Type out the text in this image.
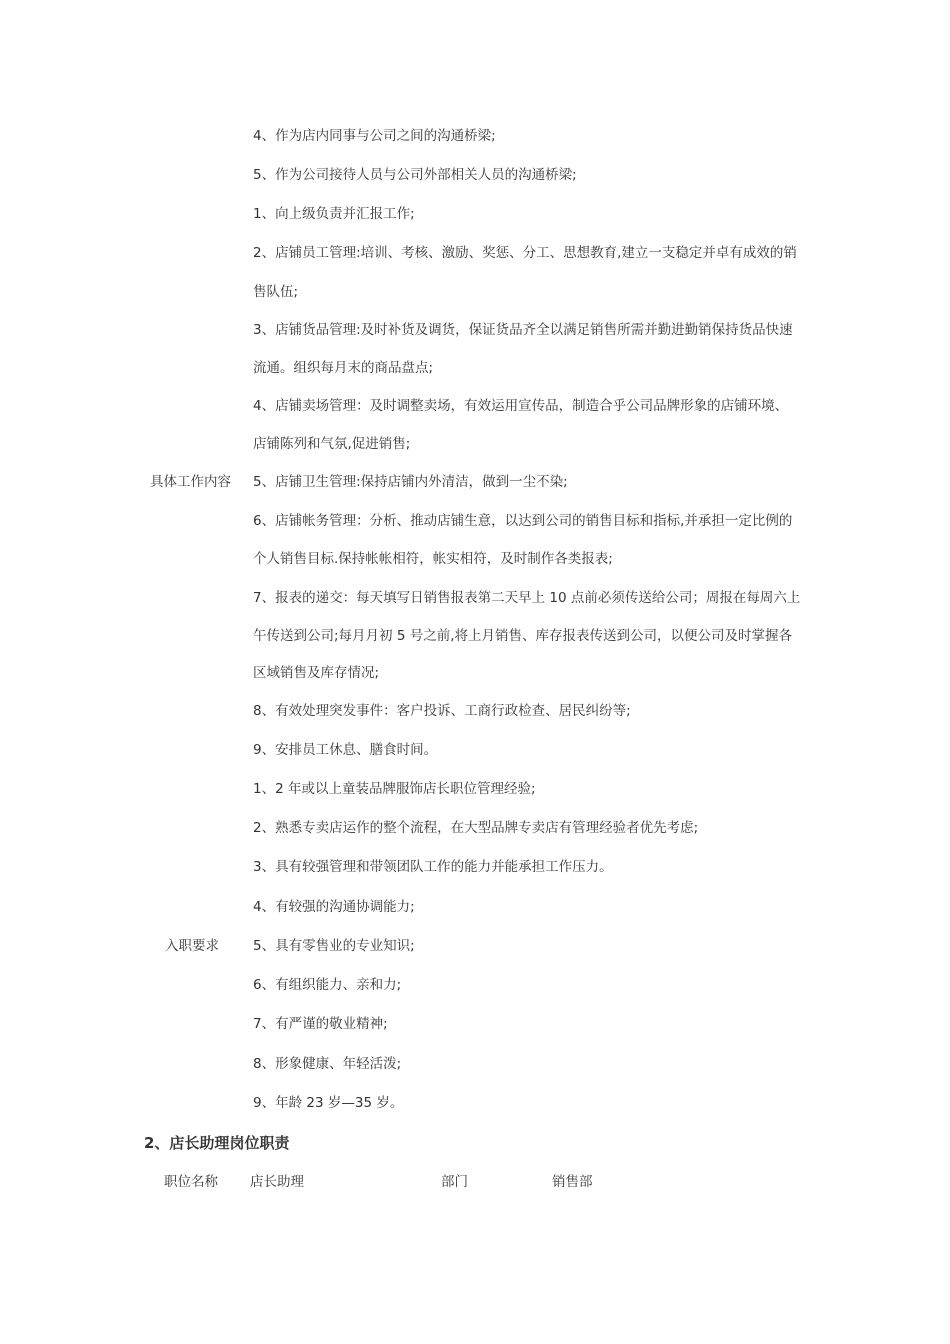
4、作为店内同事与公司之间的沟通桥梁;
5、作为公司接待人员与公司外部相关人员的沟通桥梁;
1、向上级负责并汇报工作;
2、店铺员工管理:培训、考核、激励、奖惩、分工、思想教育,建立一支稳定并卓有成效的销
售队伍;
3、店铺货品管理:及时补货及调货，保证货品齐全以满足销售所需并勤进勤销保持货品快速
流通。组织每月末的商品盘点;
4、店铺卖场管理：及时调整卖场，有效运用宣传品，制造合乎公司品牌形象的店铺环境、
店铺陈列和气氛,促进销售;
具体工作内容 5、店铺卫生管理:保持店铺内外清洁，做到一尘不染;
6、店铺帐务管理：分析、推动店铺生意，以达到公司的销售目标和指标,并承担一定比例的
个人销售目标.保持帐帐相符，帐实相符，及时制作各类报表;
7、报表的递交：每天填写日销售报表第二天早上 10 点前必须传送给公司；周报在每周六上
午传送到公司;每月月初 5 号之前,将上月销售、库存报表传送到公司，以便公司及时掌握各
区域销售及库存情况;
8、有效处理突发事件：客户投诉、工商行政检查、居民纠纷等;
9、安排员工休息、膳食时间。
1、2 年或以上童装品牌服饰店长职位管理经验;
2、熟悉专卖店运作的整个流程，在大型品牌专卖店有管理经验者优先考虑;
3、具有较强管理和带领团队工作的能力并能承担工作压力。
4、有较强的沟通协调能力;
入职要求	5、具有零售业的专业知识;
6、有组织能力、亲和力;
7、有严谨的敬业精神;
8、形象健康、年轻活泼;
9、年龄 23 岁—35 岁。
2、店长助理岗位职责
职位名称 店长助理	部门	销售部
